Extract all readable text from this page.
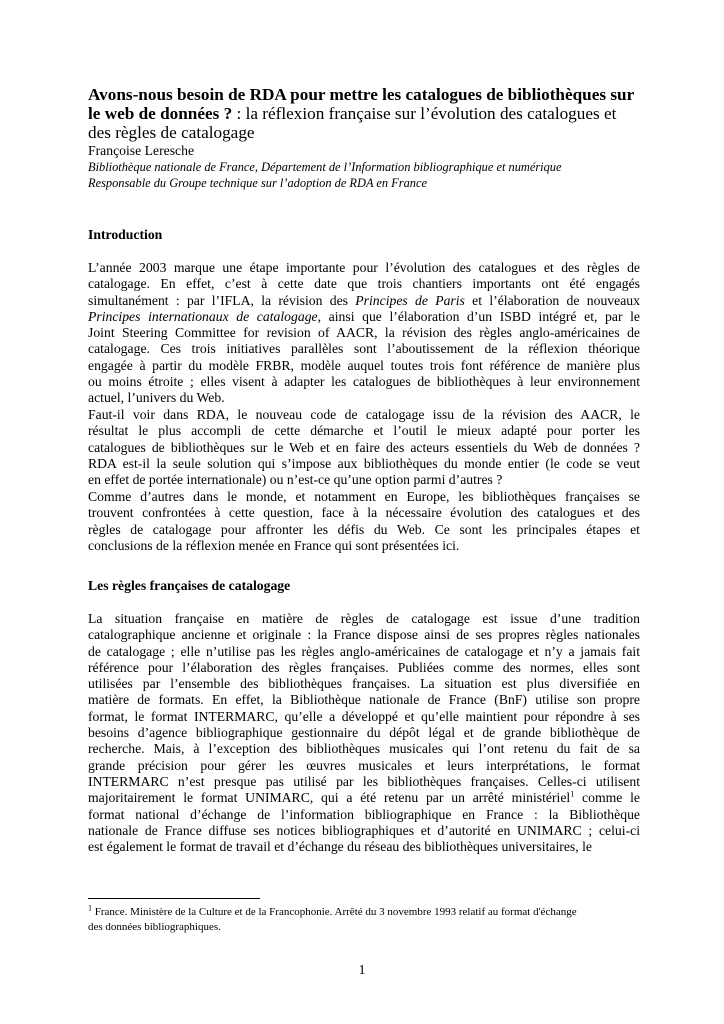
Avons-nous besoin de RDA pour mettre les catalogues de bibliothèques sur le web de données ? : la réflexion française sur l’évolution des catalogues et des règles de catalogage

Françoise Leresche

Bibliothèque nationale de France, Département de l’Information bibliographique et numérique

Responsable du Groupe technique sur l’adoption de RDA en France

Introduction

L’année 2003 marque une étape importante pour l’évolution des catalogues et des règles de
catalogage. En effet, c’est à cette date que trois chantiers importants ont été engagés
simultanément : par l’IFLA, la révision des Principes de Paris et l’élaboration de nouveaux
Principes internationaux de catalogage, ainsi que l’élaboration d’un ISBD intégré et, par le
Joint Steering Committee for revision of AACR, la révision des règles anglo-américaines de
catalogage. Ces trois initiatives parallèles sont l’aboutissement de la réflexion théorique
engagée à partir du modèle FRBR, modèle auquel toutes trois font référence de manière plus
ou moins étroite ; elles visent à adapter les catalogues de bibliothèques à leur environnement
actuel, l’univers du Web.
Faut-il voir dans RDA, le nouveau code de catalogage issu de la révision des AACR, le
résultat le plus accompli de cette démarche et l’outil le mieux adapté pour porter les
catalogues de bibliothèques sur le Web et en faire des acteurs essentiels du Web de données ?
RDA est-il la seule solution qui s’impose aux bibliothèques du monde entier (le code se veut
en effet de portée internationale) ou n’est-ce qu’une option parmi d’autres ?
Comme d’autres dans le monde, et notamment en Europe, les bibliothèques françaises se
trouvent confrontées à cette question, face à la nécessaire évolution des catalogues et des
règles de catalogage pour affronter les défis du Web. Ce sont les principales étapes et
conclusions de la réflexion menée en France qui sont présentées ici.

Les règles françaises de catalogage

La situation française en matière de règles de catalogage est issue d’une tradition
catalographique ancienne et originale : la France dispose ainsi de ses propres règles nationales
de catalogage ; elle n’utilise pas les règles anglo-américaines de catalogage et n’y a jamais fait
référence pour l’élaboration des règles françaises. Publiées comme des normes, elles sont
utilisées par l’ensemble des bibliothèques françaises. La situation est plus diversifiée en
matière de formats. En effet, la Bibliothèque nationale de France (BnF) utilise son propre
format, le format INTERMARC, qu’elle a développé et qu’elle maintient pour répondre à ses
besoins d’agence bibliographique gestionnaire du dépôt légal et de grande bibliothèque de
recherche. Mais, à l’exception des bibliothèques musicales qui l’ont retenu du fait de sa
grande précision pour gérer les œuvres musicales et leurs interprétations, le format
INTERMARC n’est presque pas utilisé par les bibliothèques françaises. Celles-ci utilisent
majoritairement le format UNIMARC, qui a été retenu par un arrêté ministériel$^1$ comme le
format national d’échange de l’information bibliographique en France : la Bibliothèque
nationale de France diffuse ses notices bibliographiques et d’autorité en UNIMARC ; celui-ci
est également le format de travail et d’échange du réseau des bibliothèques universitaires, le

$^1$ France. Ministère de la Culture et de la Francophonie. Arrêté du 3 novembre 1993 relatif au format d'échange
des données bibliographiques.

1
